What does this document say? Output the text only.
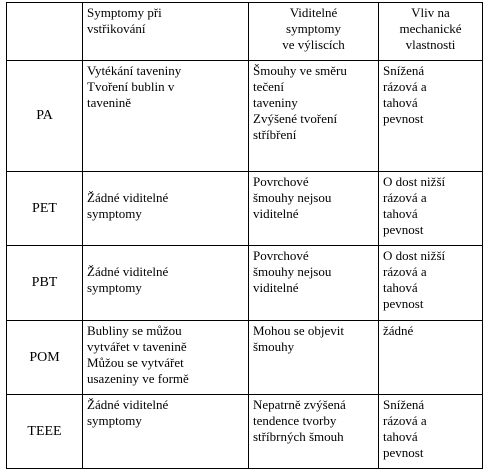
	Symptomy při
vstřikování	Viditelné
symptomy
ve výliscích	Vliv na
mechanické
vlastnosti

PA	Vytékání taveniny
Tvoření bublin v
tavenině	Šmouhy ve směru
tečení
taveniny
Zvýšené tvoření
stříbření	Snížená
rázová a
tahová
pevnost

PET	Žádné viditelné
symptomy	Povrchové
šmouhy nejsou
viditelné	O dost nižší
rázová a
tahová
pevnost

PBT	Žádné viditelné
symptomy	Povrchové
šmouhy nejsou
viditelné	O dost nižší
rázová a
tahová
pevnost

POM	Bubliny se můžou
vytvářet v tavenině
Můžou se vytvářet
usazeniny ve formě	Mohou se objevit
šmouhy	žádné

TEEE	Žádné viditelné
symptomy	Nepatrně zvýšená
tendence tvorby
stříbrných šmouh	Snížená
rázová a
tahová
pevnost
